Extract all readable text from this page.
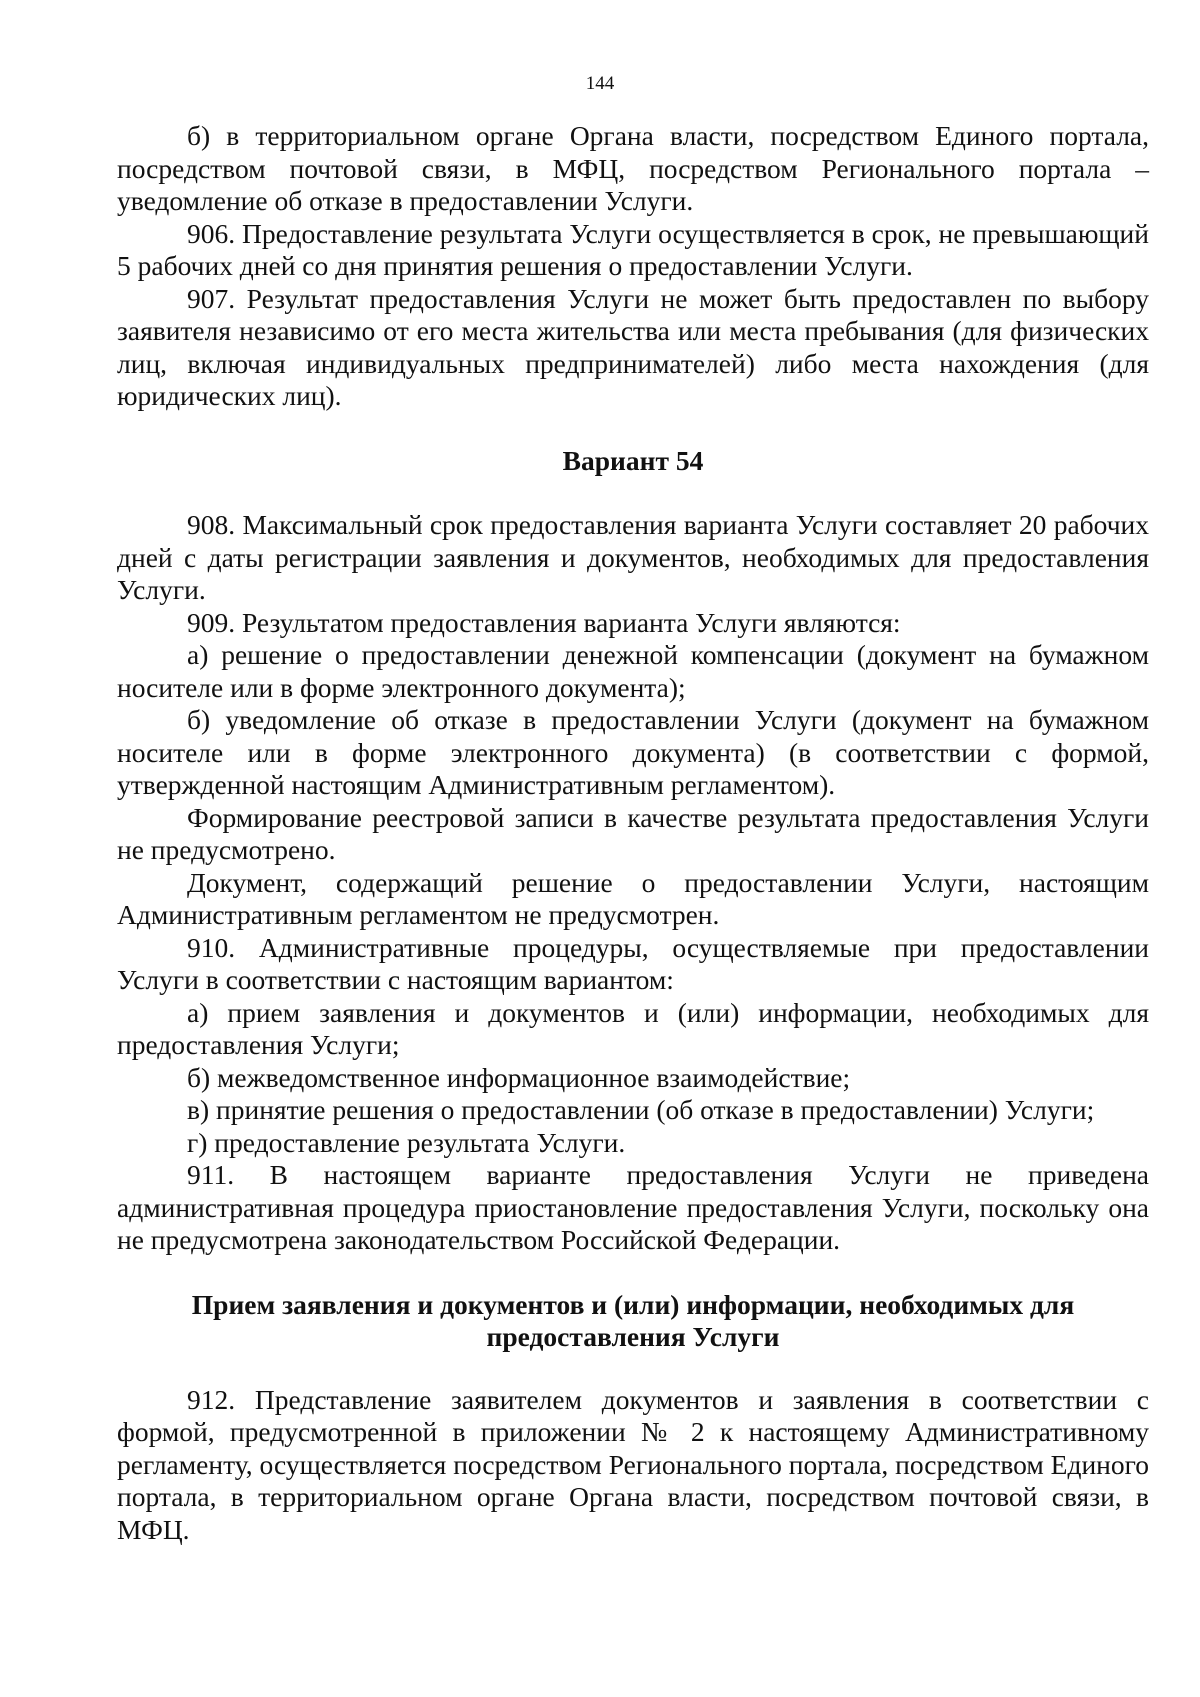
144

б) в территориальном органе Органа власти, посредством Единого портала, посредством почтовой связи, в МФЦ, посредством Регионального портала – уведомление об отказе в предоставлении Услуги.

906. Предоставление результата Услуги осуществляется в срок, не превышающий 5 рабочих дней со дня принятия решения о предоставлении Услуги.

907. Результат предоставления Услуги не может быть предоставлен по выбору заявителя независимо от его места жительства или места пребывания (для физических лиц, включая индивидуальных предпринимателей) либо места нахождения (для юридических лиц).

Вариант 54

908. Максимальный срок предоставления варианта Услуги составляет 20 рабочих дней с даты регистрации заявления и документов, необходимых для предоставления Услуги.

909. Результатом предоставления варианта Услуги являются:

а) решение о предоставлении денежной компенсации (документ на бумажном носителе или в форме электронного документа);

б) уведомление об отказе в предоставлении Услуги (документ на бумажном носителе или в форме электронного документа) (в соответствии с формой, утвержденной настоящим Административным регламентом).

Формирование реестровой записи в качестве результата предоставления Услуги не предусмотрено.

Документ, содержащий решение о предоставлении Услуги, настоящим Административным регламентом не предусмотрен.

910. Административные процедуры, осуществляемые при предоставлении Услуги в соответствии с настоящим вариантом:

а) прием заявления и документов и (или) информации, необходимых для предоставления Услуги;

б) межведомственное информационное взаимодействие;

в) принятие решения о предоставлении (об отказе в предоставлении) Услуги;

г) предоставление результата Услуги.

911. В настоящем варианте предоставления Услуги не приведена административная процедура приостановление предоставления Услуги, поскольку она не предусмотрена законодательством Российской Федерации.

Прием заявления и документов и (или) информации, необходимых для предоставления Услуги

912. Представление заявителем документов и заявления в соответствии с формой, предусмотренной в приложении № 2 к настоящему Административному регламенту, осуществляется посредством Регионального портала, посредством Единого портала, в территориальном органе Органа власти, посредством почтовой связи, в МФЦ.
